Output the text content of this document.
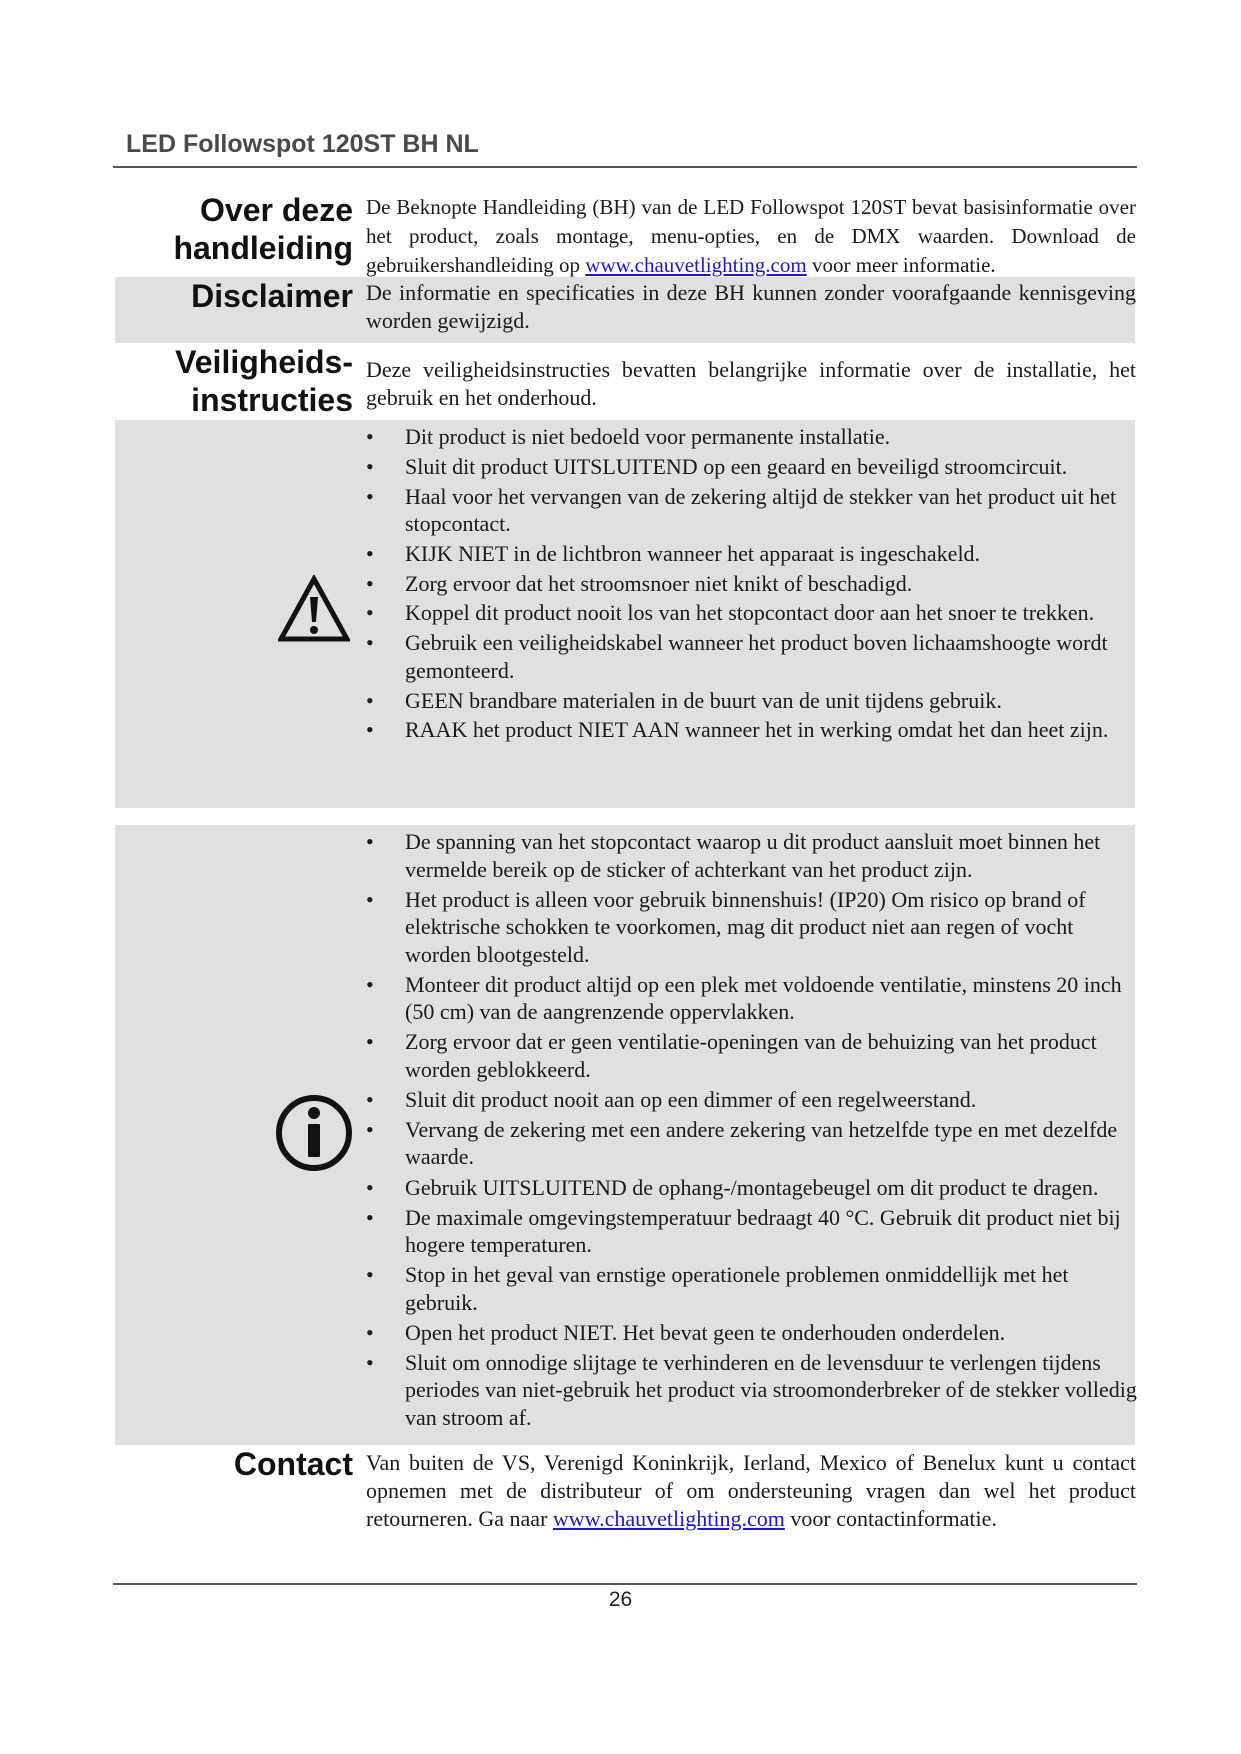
LED Followspot 120ST BH NL
Over deze
handleiding

De Beknopte Handleiding (BH) van de LED Followspot 120ST bevat basisinformatie over het product, zoals montage, menu-opties, en de DMX waarden. Download de gebruikershandleiding op www.chauvetlighting.com voor meer informatie.

Disclaimer De informatie en specificaties in deze BH kunnen zonder voorafgaande kennisgeving worden gewijzigd.

Veiligheids-
instructies

Deze veiligheidsinstructies bevatten belangrijke informatie over de installatie, het gebruik en het onderhoud.

• Dit product is niet bedoeld voor permanente installatie.
• Sluit dit product UITSLUITEND op een geaard en beveiligd stroomcircuit.
• Haal voor het vervangen van de zekering altijd de stekker van het product uit het stopcontact.
• KIJK NIET in de lichtbron wanneer het apparaat is ingeschakeld.
• Zorg ervoor dat het stroomsnoer niet knikt of beschadigd.
• Koppel dit product nooit los van het stopcontact door aan het snoer te trekken.
• Gebruik een veiligheidskabel wanneer het product boven lichaamshoogte wordt gemonteerd.
• GEEN brandbare materialen in de buurt van de unit tijdens gebruik.
• RAAK het product NIET AAN wanneer het in werking omdat het dan heet zijn.
• De spanning van het stopcontact waarop u dit product aansluit moet binnen het vermelde bereik op de sticker of achterkant van het product zijn.
• Het product is alleen voor gebruik binnenshuis! (IP20) Om risico op brand of elektrische schokken te voorkomen, mag dit product niet aan regen of vocht worden blootgesteld.
• Monteer dit product altijd op een plek met voldoende ventilatie, minstens 20 inch (50 cm) van de aangrenzende oppervlakken.
• Zorg ervoor dat er geen ventilatie-openingen van de behuizing van het product worden geblokkeerd.
• Sluit dit product nooit aan op een dimmer of een regelweerstand.
• Vervang de zekering met een andere zekering van hetzelfde type en met dezelfde waarde.
• Gebruik UITSLUITEND de ophang-/montagebeugel om dit product te dragen.
• De maximale omgevingstemperatuur bedraagt 40 °C. Gebruik dit product niet bij hogere temperaturen.
• Stop in het geval van ernstige operationele problemen onmiddellijk met het gebruik.
• Open het product NIET. Het bevat geen te onderhouden onderdelen.
• Sluit om onnodige slijtage te verhinderen en de levensduur te verlengen tijdens periodes van niet-gebruik het product via stroomonderbreker of de stekker volledig van stroom af.
Contact Van buiten de VS, Verenigd Koninkrijk, Ierland, Mexico of Benelux kunt u contact opnemen met de distributeur of om ondersteuning vragen dan wel het product retourneren. Ga naar www.chauvetlighting.com voor contactinformatie.

26
